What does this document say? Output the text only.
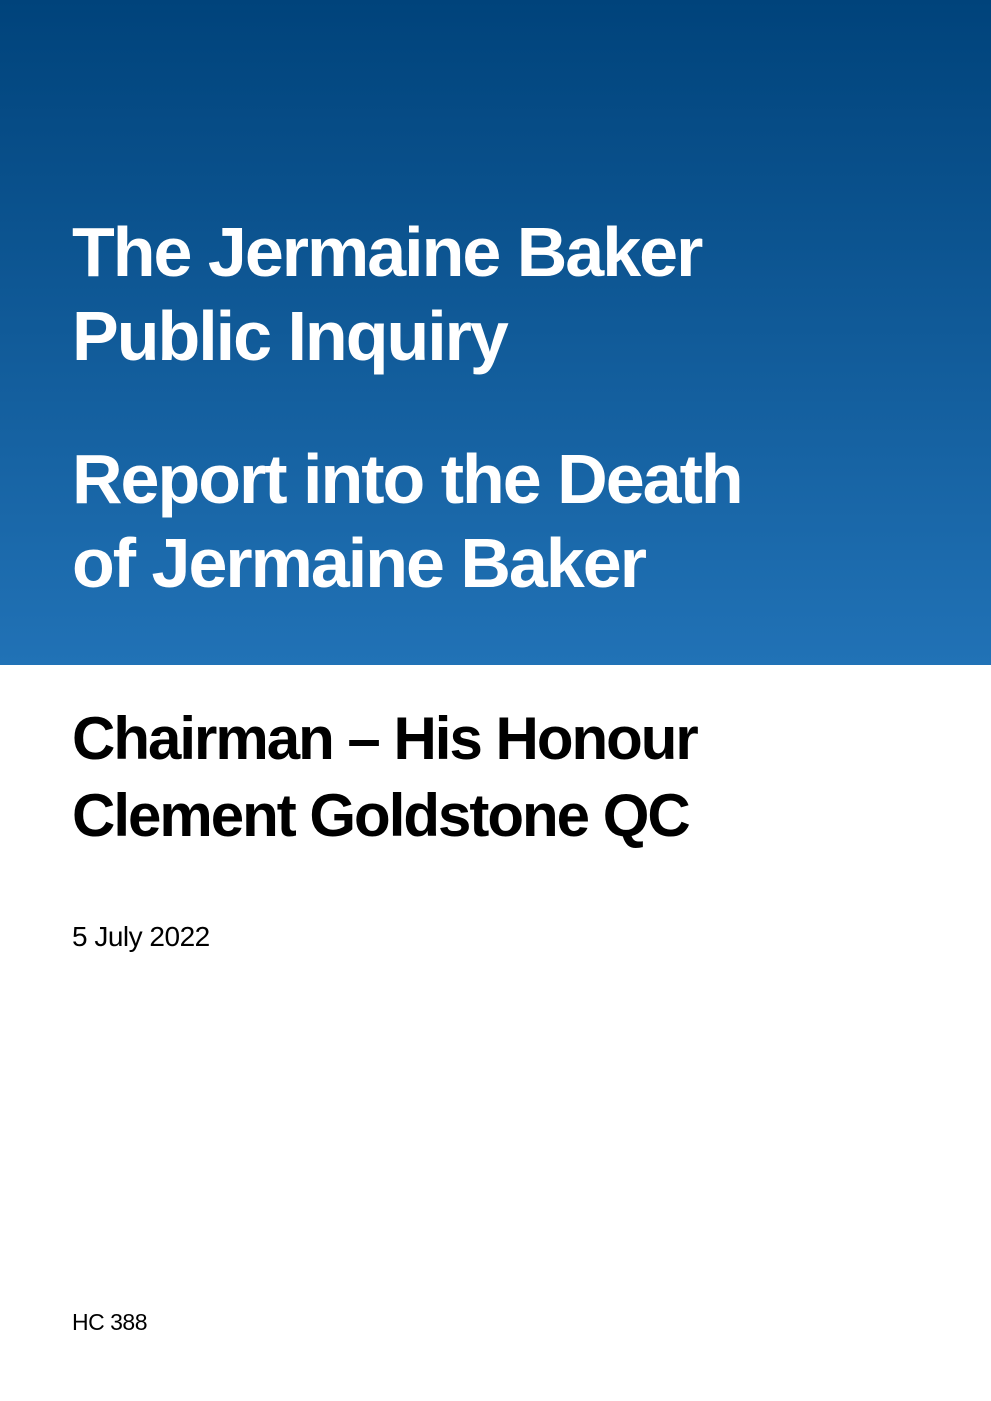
The Jermaine Baker
Public Inquiry
Report into the Death
of Jermaine Baker
Chairman – His Honour
Clement Goldstone QC

5 July 2022

HC 388
